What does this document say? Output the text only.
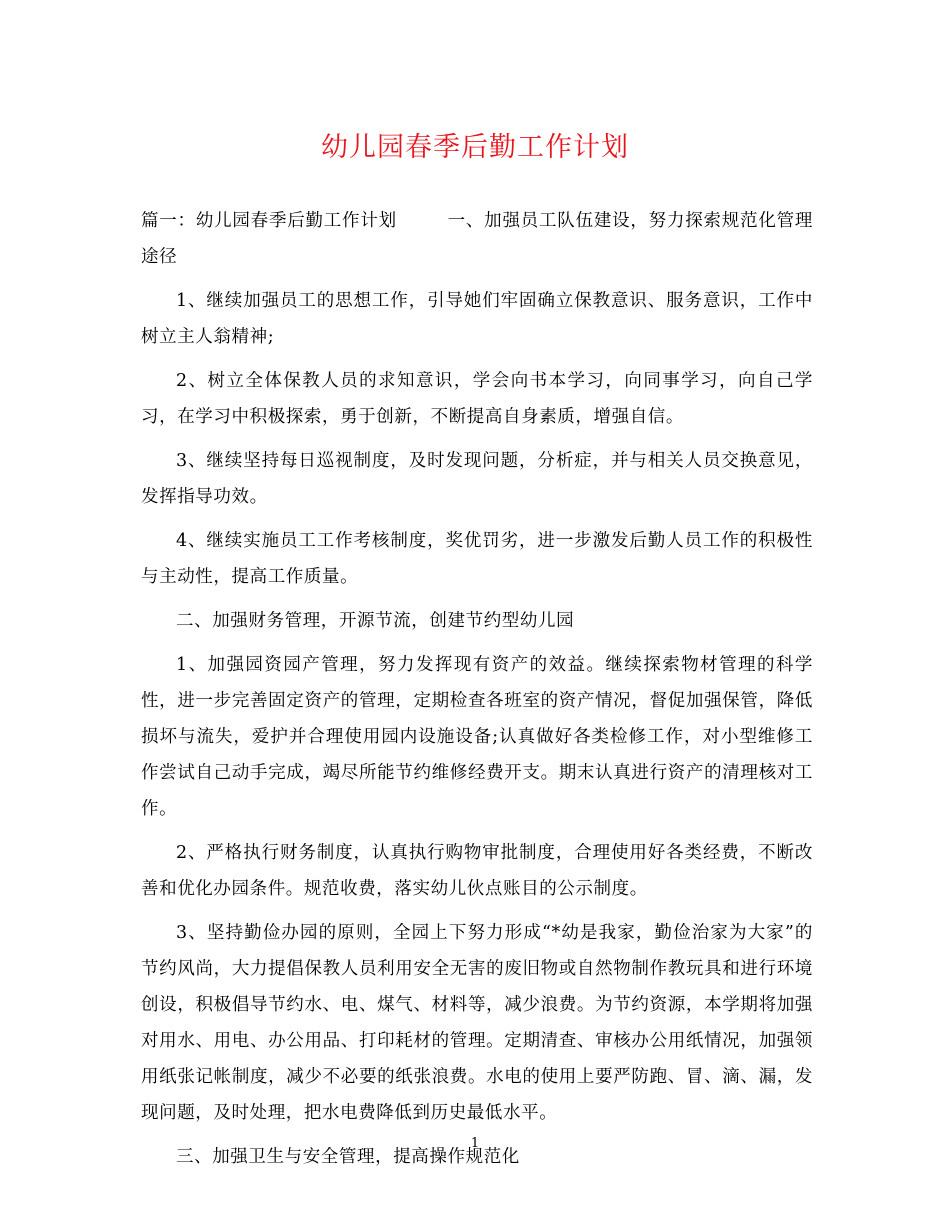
幼儿园春季后勤工作计划

篇一：幼儿园春季后勤工作计划	一、加强员工队伍建设，努力探索规范化管理途径

1、继续加强员工的思想工作，引导她们牢固确立保教意识、服务意识，工作中树立主人翁精神;

2、树立全体保教人员的求知意识，学会向书本学习，向同事学习，向自己学习，在学习中积极探索，勇于创新，不断提高自身素质，增强自信。

3、继续坚持每日巡视制度，及时发现问题，分析症，并与相关人员交换意见，发挥指导功效。

4、继续实施员工工作考核制度，奖优罚劣，进一步激发后勤人员工作的积极性与主动性，提高工作质量。

二、加强财务管理，开源节流，创建节约型幼儿园

1、加强园资园产管理，努力发挥现有资产的效益。继续探索物材管理的科学性，进一步完善固定资产的管理，定期检查各班室的资产情况，督促加强保管，降低损坏与流失，爱护并合理使用园内设施设备;认真做好各类检修工作，对小型维修工作尝试自己动手完成，竭尽所能节约维修经费开支。期末认真进行资产的清理核对工作。

2、严格执行财务制度，认真执行购物审批制度，合理使用好各类经费，不断改善和优化办园条件。规范收费，落实幼儿伙点账目的公示制度。

3、坚持勤俭办园的原则，全园上下努力形成“*幼是我家，勤俭治家为大家”的节约风尚，大力提倡保教人员利用安全无害的废旧物或自然物制作教玩具和进行环境创设，积极倡导节约水、电、煤气、材料等，减少浪费。为节约资源，本学期将加强对用水、用电、办公用品、打印耗材的管理。定期清查、审核办公用纸情况，加强领用纸张记帐制度，减少不必要的纸张浪费。水电的使用上要严防跑、冒、滴、漏，发现问题，及时处理，把水电费降低到历史最低水平。

三、加强卫生与安全管理，提高操作规范化

1
